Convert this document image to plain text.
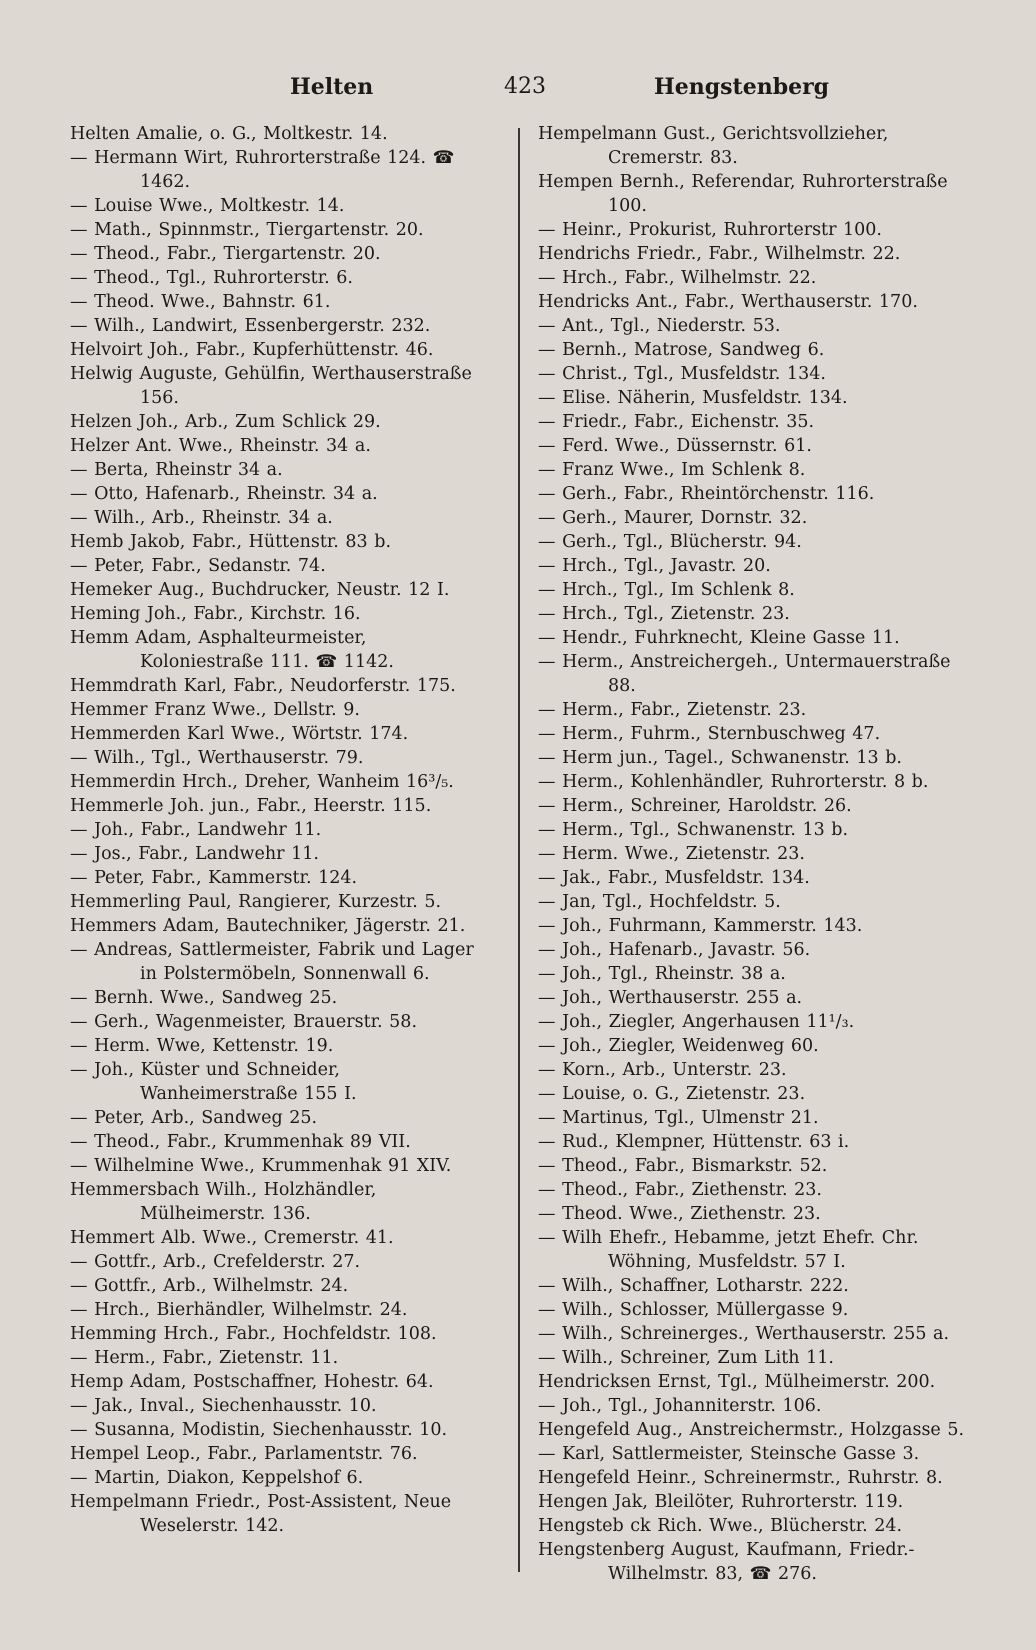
Helten	423	Hengstenberg
Helten Amalie, o. G., Moltkestr. 14.
— Hermann Wirt, Ruhrorterstraße 124. ☎ 1462.
— Louise Wwe., Moltkestr. 14.
— Math., Spinnmstr., Tiergartenstr. 20.
— Theod., Fabr., Tiergartenstr. 20.
— Theod., Tgl., Ruhrorterstr. 6.
— Theod. Wwe., Bahnstr. 61.
— Wilh., Landwirt, Essenbergerstr. 232.
Helvoirt Joh., Fabr., Kupferhüttenstr. 46.
Helwig Auguste, Gehülfin, Werthauserstraße 156.
Helzen Joh., Arb., Zum Schlick 29.
Helzer Ant. Wwe., Rheinstr. 34 a.
— Berta, Rheinstr 34 a.
— Otto, Hafenarb., Rheinstr. 34 a.
— Wilh., Arb., Rheinstr. 34 a.
Hemb Jakob, Fabr., Hüttenstr. 83 b.
— Peter, Fabr., Sedanstr. 74.
Hemeker Aug., Buchdrucker, Neustr. 12 I.
Heming Joh., Fabr., Kirchstr. 16.
Hemm Adam, Asphalteurmeister, Koloniestraße 111. ☎ 1142.
Hemmdrath Karl, Fabr., Neudorferstr. 175.
Hemmer Franz Wwe., Dellstr. 9.
Hemmerden Karl Wwe., Wörtstr. 174.
— Wilh., Tgl., Werthauserstr. 79.
Hemmerdin Hrch., Dreher, Wanheim 16³/₅.
Hemmerle Joh. jun., Fabr., Heerstr. 115.
— Joh., Fabr., Landwehr 11.
— Jos., Fabr., Landwehr 11.
— Peter, Fabr., Kammerstr. 124.
Hemmerling Paul, Rangierer, Kurzestr. 5.
Hemmers Adam, Bautechniker, Jägerstr. 21.
— Andreas, Sattlermeister, Fabrik und Lager in Polstermöbeln, Sonnenwall 6.
— Bernh. Wwe., Sandweg 25.
— Gerh., Wagenmeister, Brauerstr. 58.
— Herm. Wwe, Kettenstr. 19.
— Joh., Küster und Schneider, Wanheimerstraße 155 I.
— Peter, Arb., Sandweg 25.
— Theod., Fabr., Krummenhak 89 VII.
— Wilhelmine Wwe., Krummenhak 91 XIV.
Hemmersbach Wilh., Holzhändler, Mülheimerstr. 136.
Hemmert Alb. Wwe., Cremerstr. 41.
— Gottfr., Arb., Crefelderstr. 27.
— Gottfr., Arb., Wilhelmstr. 24.
— Hrch., Bierhändler, Wilhelmstr. 24.
Hemming Hrch., Fabr., Hochfeldstr. 108.
— Herm., Fabr., Zietenstr. 11.
Hemp Adam, Postschaffner, Hohestr. 64.
— Jak., Inval., Siechenhausstr. 10.
— Susanna, Modistin, Siechenhausstr. 10.
Hempel Leop., Fabr., Parlamentstr. 76.
— Martin, Diakon, Keppelshof 6.
Hempelmann Friedr., Post-Assistent, Neue Weselerstr. 142.
Hempelmann Gust., Gerichtsvollzieher, Cremerstr. 83.
Hempen Bernh., Referendar, Ruhrorterstraße 100.
— Heinr., Prokurist, Ruhrorterstr 100.
Hendrichs Friedr., Fabr., Wilhelmstr. 22.
— Hrch., Fabr., Wilhelmstr. 22.
Hendricks Ant., Fabr., Werthauserstr. 170.
— Ant., Tgl., Niederstr. 53.
— Bernh., Matrose, Sandweg 6.
— Christ., Tgl., Musfeldstr. 134.
— Elise. Näherin, Musfeldstr. 134.
— Friedr., Fabr., Eichenstr. 35.
— Ferd. Wwe., Düssernstr. 61.
— Franz Wwe., Im Schlenk 8.
— Gerh., Fabr., Rheintörchenstr. 116.
— Gerh., Maurer, Dornstr. 32.
— Gerh., Tgl., Blücherstr. 94.
— Hrch., Tgl., Javastr. 20.
— Hrch., Tgl., Im Schlenk 8.
— Hrch., Tgl., Zietenstr. 23.
— Hendr., Fuhrknecht, Kleine Gasse 11.
— Herm., Anstreichergeh., Untermauerstraße 88.
— Herm., Fabr., Zietenstr. 23.
— Herm., Fuhrm., Sternbuschweg 47.
— Herm jun., Tagel., Schwanenstr. 13 b.
— Herm., Kohlenhändler, Ruhrorterstr. 8 b.
— Herm., Schreiner, Haroldstr. 26.
— Herm., Tgl., Schwanenstr. 13 b.
— Herm. Wwe., Zietenstr. 23.
— Jak., Fabr., Musfeldstr. 134.
— Jan, Tgl., Hochfeldstr. 5.
— Joh., Fuhrmann, Kammerstr. 143.
— Joh., Hafenarb., Javastr. 56.
— Joh., Tgl., Rheinstr. 38 a.
— Joh., Werthauserstr. 255 a.
— Joh., Ziegler, Angerhausen 11¹/₃.
— Joh., Ziegler, Weidenweg 60.
— Korn., Arb., Unterstr. 23.
— Louise, o. G., Zietenstr. 23.
— Martinus, Tgl., Ulmenstr 21.
— Rud., Klempner, Hüttenstr. 63 i.
— Theod., Fabr., Bismarkstr. 52.
— Theod., Fabr., Ziethenstr. 23.
— Theod. Wwe., Ziethenstr. 23.
— Wilh Ehefr., Hebamme, jetzt Ehefr. Chr. Wöhning, Musfeldstr. 57 I.
— Wilh., Schaffner, Lotharstr. 222.
— Wilh., Schlosser, Müllergasse 9.
— Wilh., Schreinerges., Werthauserstr. 255 a.
— Wilh., Schreiner, Zum Lith 11.
Hendricksen Ernst, Tgl., Mülheimerstr. 200.
— Joh., Tgl., Johanniterstr. 106.
Hengefeld Aug., Anstreichermstr., Holzgasse 5.
— Karl, Sattlermeister, Steinsche Gasse 3.
Hengefeld Heinr., Schreinermstr., Ruhrstr. 8.
Hengen Jak, Bleilöter, Ruhrorterstr. 119.
Hengsteb ck Rich. Wwe., Blücherstr. 24.
Hengstenberg August, Kaufmann, Friedr.-Wilhelmstr. 83, ☎ 276.
